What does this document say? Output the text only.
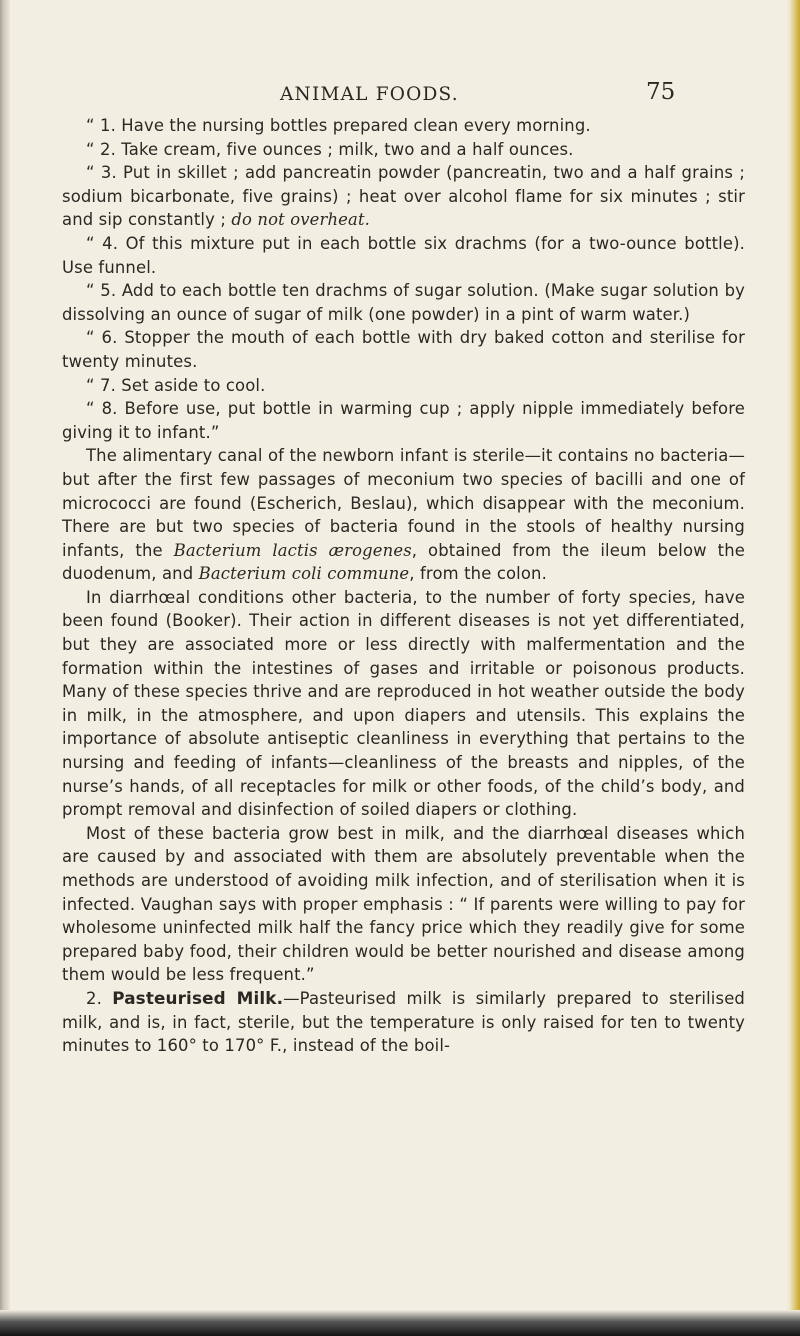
ANIMAL FOODS.	75

“ 1. Have the nursing bottles prepared clean every morning.

“ 2. Take cream, five ounces ; milk, two and a half ounces.

“ 3. Put in skillet ; add pancreatin powder (pancreatin, two and a half grains ; sodium bicarbonate, five grains) ; heat over alcohol flame for six minutes ; stir and sip constantly ; do not overheat.

“ 4. Of this mixture put in each bottle six drachms (for a two-ounce bottle). Use funnel.

“ 5. Add to each bottle ten drachms of sugar solution. (Make sugar solution by dissolving an ounce of sugar of milk (one powder) in a pint of warm water.)

“ 6. Stopper the mouth of each bottle with dry baked cotton and sterilise for twenty minutes.

“ 7. Set aside to cool.

“ 8. Before use, put bottle in warming cup ; apply nipple immediately before giving it to infant.”

The alimentary canal of the newborn infant is sterile—it contains no bacteria—but after the first few passages of meconium two species of bacilli and one of micrococci are found (Escherich, Beslau), which disappear with the meconium. There are but two species of bacteria found in the stools of healthy nursing infants, the Bacterium lactis ærogenes, obtained from the ileum below the duodenum, and Bacterium coli commune, from the colon.

In diarrhœal conditions other bacteria, to the number of forty species, have been found (Booker). Their action in different diseases is not yet differentiated, but they are associated more or less directly with malfermentation and the formation within the intestines of gases and irritable or poisonous products. Many of these species thrive and are reproduced in hot weather outside the body in milk, in the atmosphere, and upon diapers and utensils. This explains the importance of absolute antiseptic cleanliness in everything that pertains to the nursing and feeding of infants—cleanliness of the breasts and nipples, of the nurse’s hands, of all receptacles for milk or other foods, of the child’s body, and prompt removal and disinfection of soiled diapers or clothing.

Most of these bacteria grow best in milk, and the diarrhœal diseases which are caused by and associated with them are absolutely preventable when the methods are understood of avoiding milk infection, and of sterilisation when it is infected. Vaughan says with proper emphasis : “ If parents were willing to pay for wholesome uninfected milk half the fancy price which they readily give for some prepared baby food, their children would be better nourished and disease among them would be less frequent.”

2. Pasteurised Milk.—Pasteurised milk is similarly prepared to sterilised milk, and is, in fact, sterile, but the temperature is only raised for ten to twenty minutes to 160° to 170° F., instead of the boil-
